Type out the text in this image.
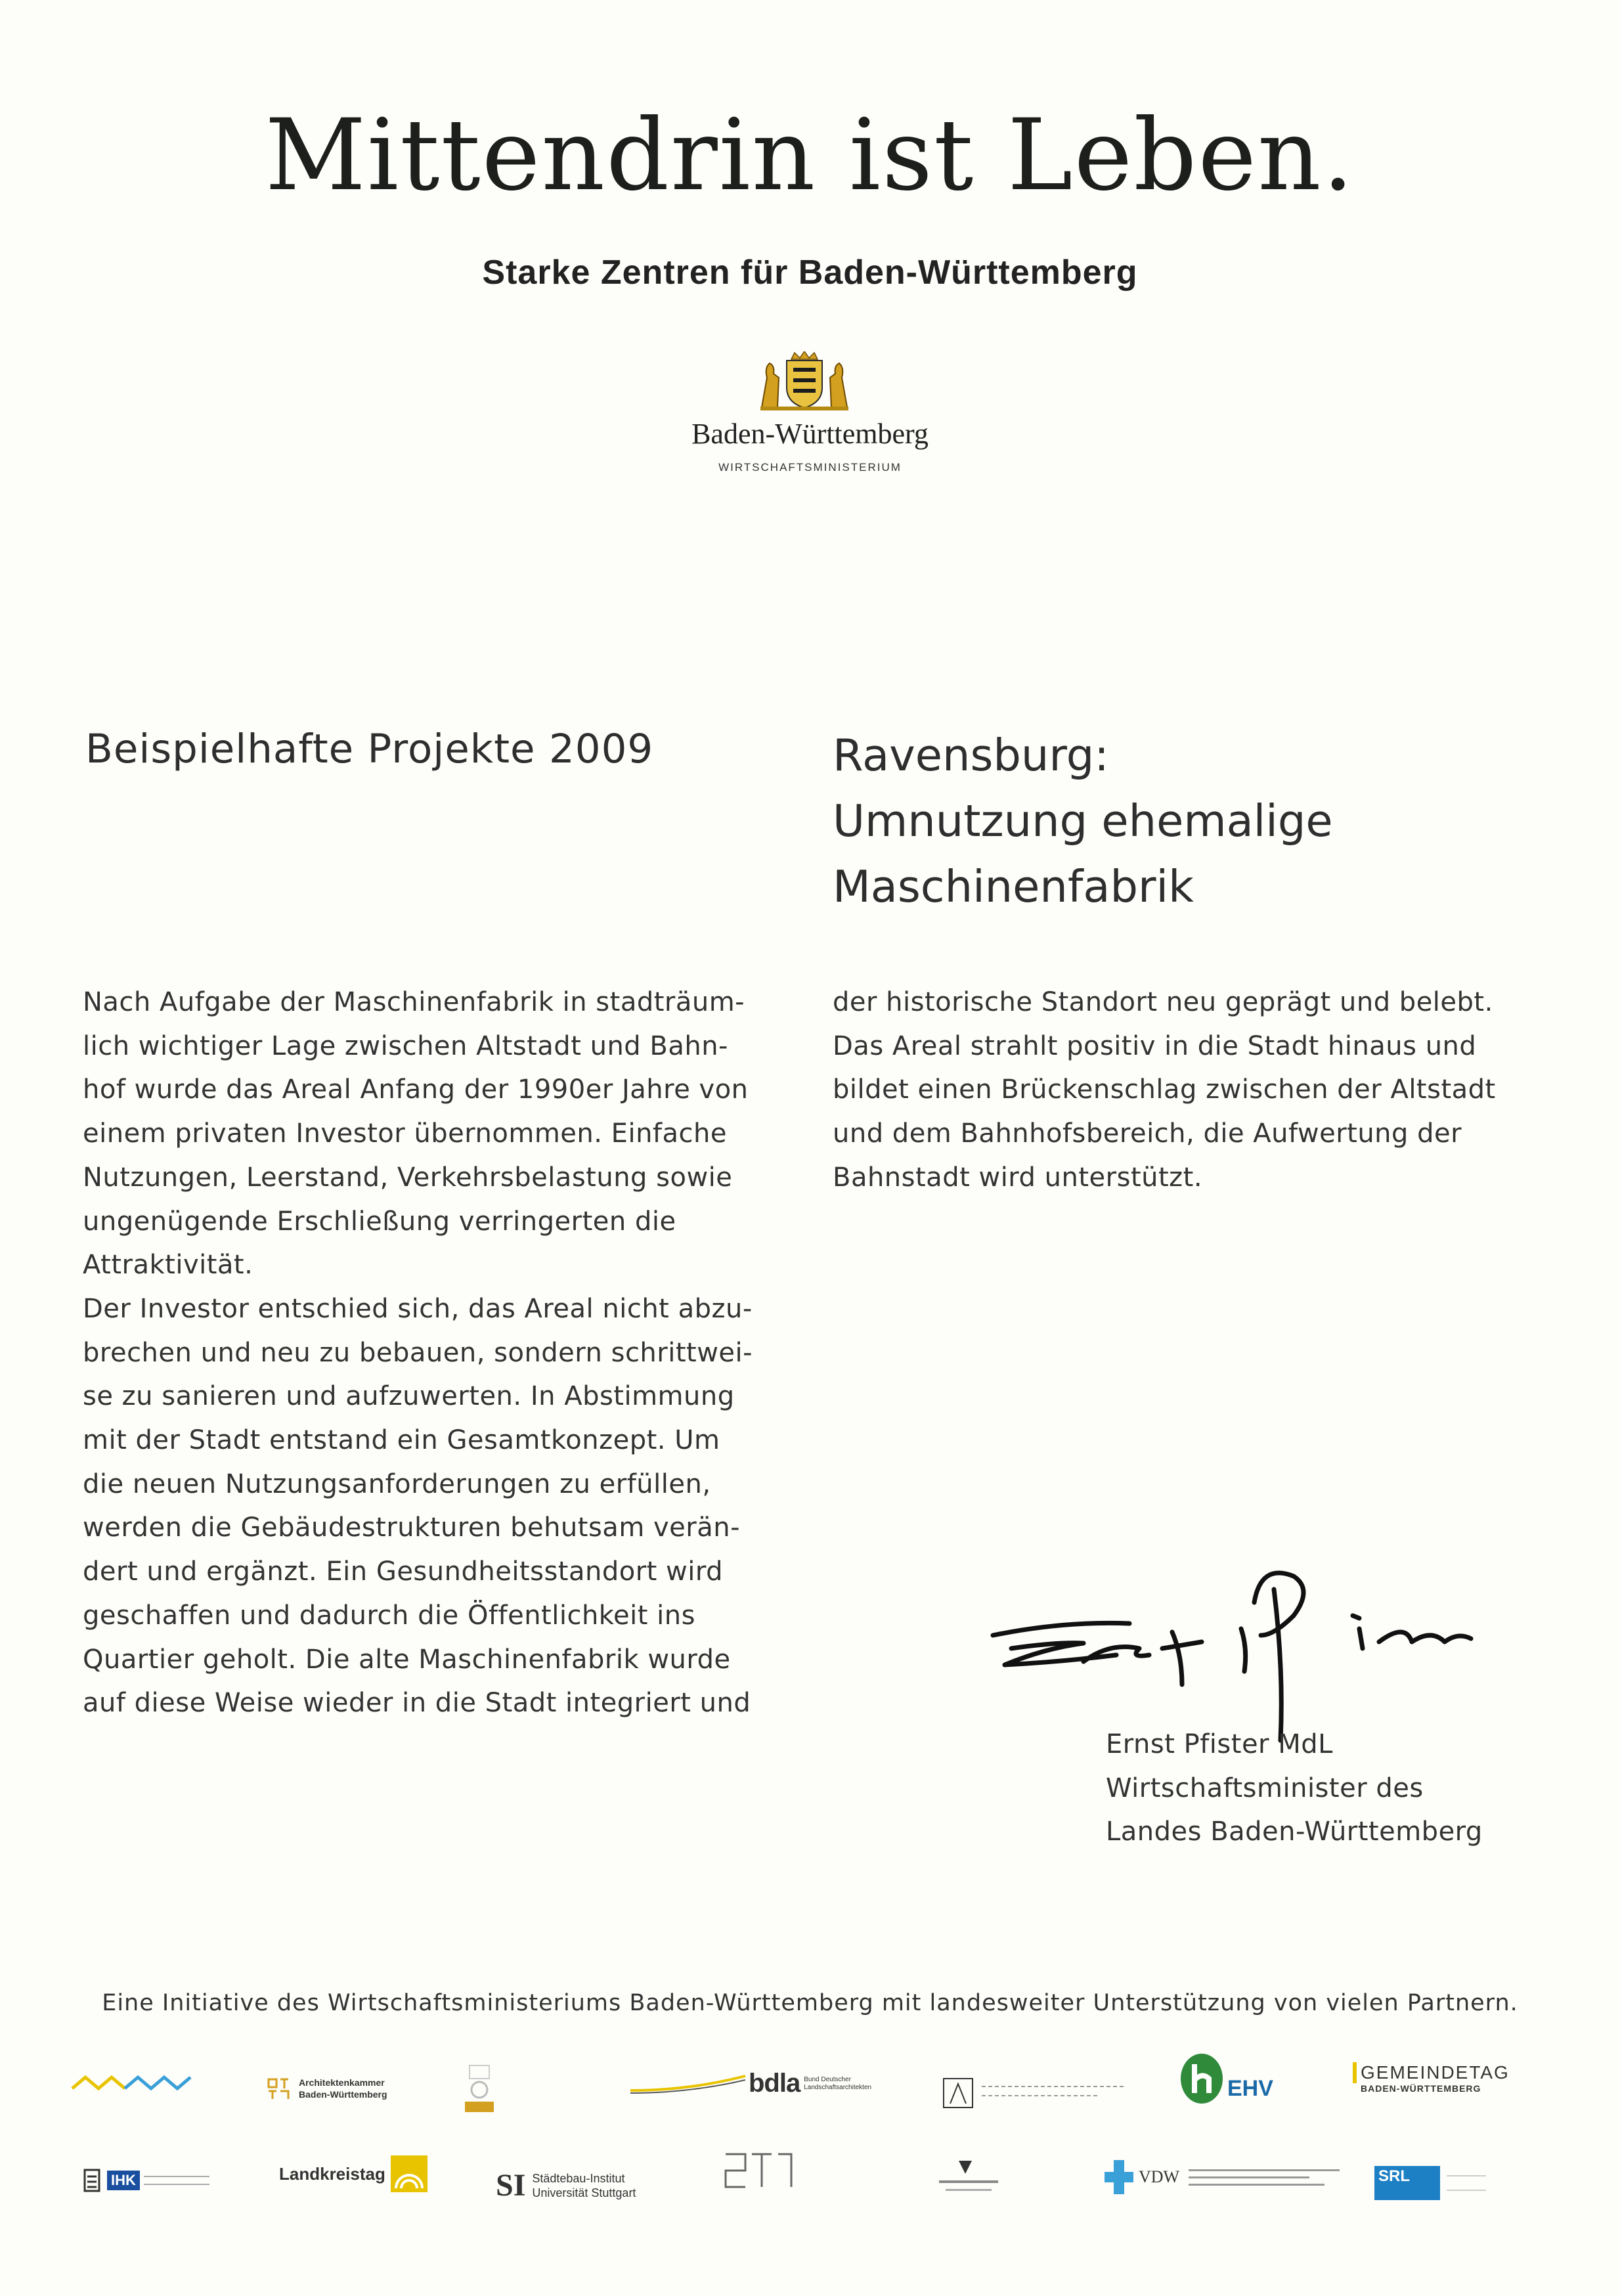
Mittendrin ist Leben.
Starke Zentren für Baden-Württemberg
Baden-Württemberg
WIRTSCHAFTSMINISTERIUM
Beispielhafte Projekte 2009	Ravensburg:
Umnutzung ehemalige
Maschinenfabrik
Nach Aufgabe der Maschinenfabrik in stadträum-
lich wichtiger Lage zwischen Altstadt und Bahn-
hof wurde das Areal Anfang der 1990er Jahre von
einem privaten Investor übernommen. Einfache
Nutzungen, Leerstand, Verkehrsbelastung sowie
ungenügende Erschließung verringerten die
Attraktivität.
Der Investor entschied sich, das Areal nicht abzu-
brechen und neu zu bebauen, sondern schrittwei-
se zu sanieren und aufzuwerten. In Abstimmung
mit der Stadt entstand ein Gesamtkonzept. Um
die neuen Nutzungsanforderungen zu erfüllen,
werden die Gebäudestrukturen behutsam verän-
dert und ergänzt. Ein Gesundheitsstandort wird
geschaffen und dadurch die Öffentlichkeit ins
Quartier geholt. Die alte Maschinenfabrik wurde
auf diese Weise wieder in die Stadt integriert und
der historische Standort neu geprägt und belebt.
Das Areal strahlt positiv in die Stadt hinaus und
bildet einen Brückenschlag zwischen der Altstadt
und dem Bahnhofsbereich, die Aufwertung der
Bahnstadt wird unterstützt.
Ernst Pfister MdL
Wirtschaftsminister des
Landes Baden-Württemberg
Eine Initiative des Wirtschaftsministeriums Baden-Württemberg mit landesweiter Unterstützung von vielen Partnern.
Architektenkammer
Baden-Württemberg	bdla Bund Deutscher
Landschaftsarchitekten	EHV
GEMEINDETAG
BADEN-WÜRTTEMBERG
IHK	Landkreistag	SI Städtebau-Institut
Universität Stuttgart
VDW	SRL
